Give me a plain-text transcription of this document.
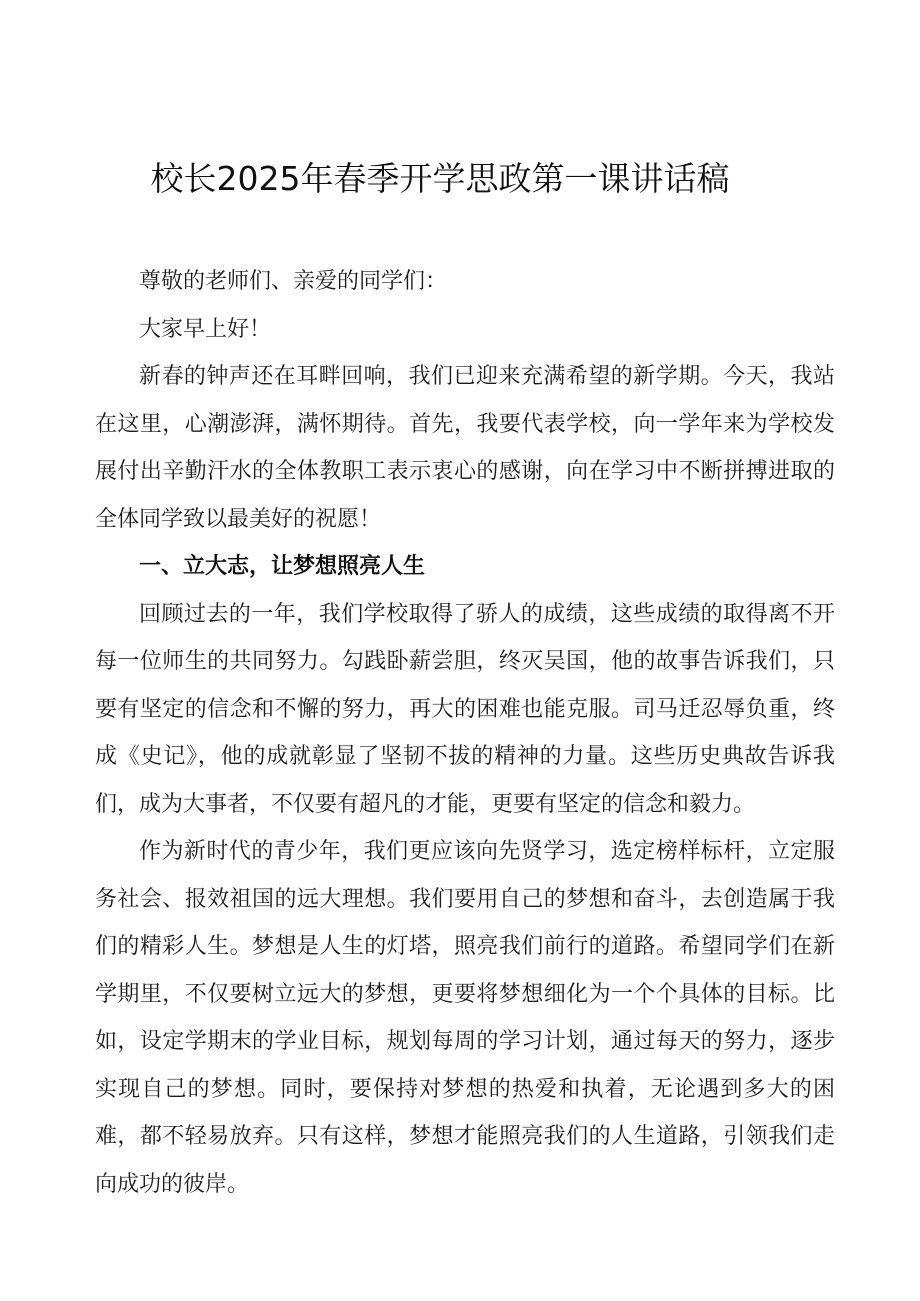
校长2025年春季开学思政第一课讲话稿

尊敬的老师们、亲爱的同学们：

大家早上好！

新春的钟声还在耳畔回响，我们已迎来充满希望的新学期。今天，我站在这里，心潮澎湃，满怀期待。首先，我要代表学校，向一学年来为学校发展付出辛勤汗水的全体教职工表示衷心的感谢，向在学习中不断拼搏进取的全体同学致以最美好的祝愿！

一、立大志，让梦想照亮人生

回顾过去的一年，我们学校取得了骄人的成绩，这些成绩的取得离不开每一位师生的共同努力。勾践卧薪尝胆，终灭吴国，他的故事告诉我们，只要有坚定的信念和不懈的努力，再大的困难也能克服。司马迁忍辱负重，终成《史记》，他的成就彰显了坚韧不拔的精神的力量。这些历史典故告诉我们，成为大事者，不仅要有超凡的才能，更要有坚定的信念和毅力。

作为新时代的青少年，我们更应该向先贤学习，选定榜样标杆，立定服务社会、报效祖国的远大理想。我们要用自己的梦想和奋斗，去创造属于我们的精彩人生。梦想是人生的灯塔，照亮我们前行的道路。希望同学们在新学期里，不仅要树立远大的梦想，更要将梦想细化为一个个具体的目标。比如，设定学期末的学业目标，规划每周的学习计划，通过每天的努力，逐步实现自己的梦想。同时，要保持对梦想的热爱和执着，无论遇到多大的困难，都不轻易放弃。只有这样，梦想才能照亮我们的人生道路，引领我们走向成功的彼岸。
